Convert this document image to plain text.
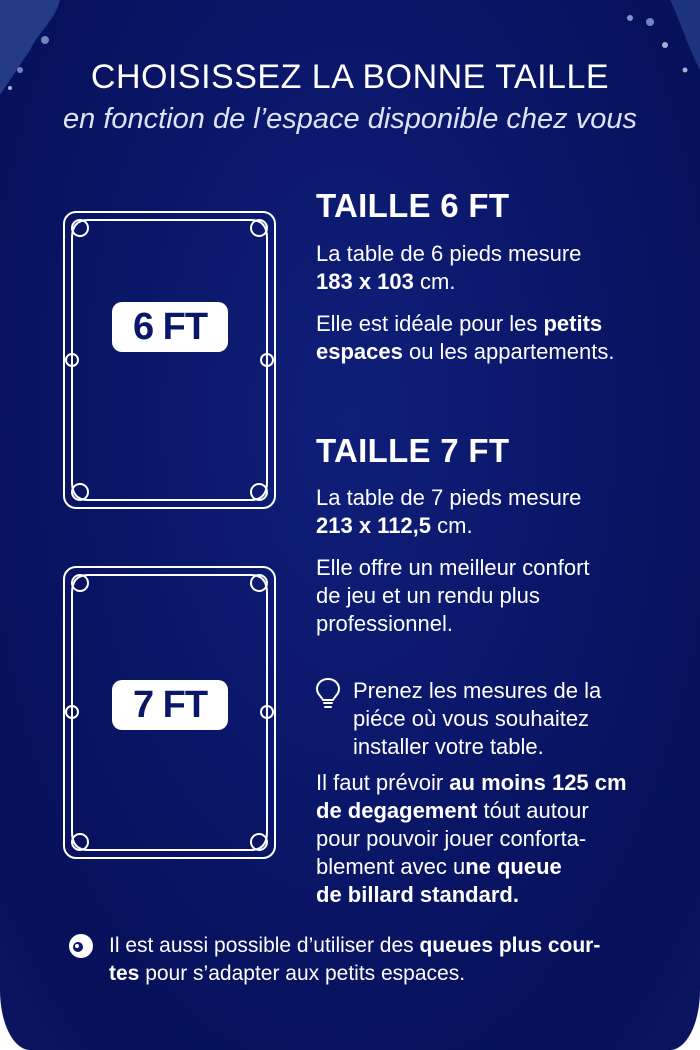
CHOISISSEZ LA BONNE TAILLE
en fonction de l’espace disponible chez vous
6 FT
7 FT
TAILLE 6 FT
La table de 6 pieds mesure
183 x 103 cm.
Elle est idéale pour les petits
espaces ou les appartements.
TAILLE 7 FT
La table de 7 pieds mesure
213 x 112,5 cm.
Elle offre un meilleur confort
de jeu et un rendu plus
professionnel.
Prenez les mesures de la
piéce où vous souhaitez
installer votre table.
Il faut prévoir au moins 125 cm
de degagement tóut autour
pour pouvoir jouer conforta-
blement avec une queue
de billard standard.
Il est aussi possible d’utiliser des queues plus cour-
tes pour s’adapter aux petits espaces.
